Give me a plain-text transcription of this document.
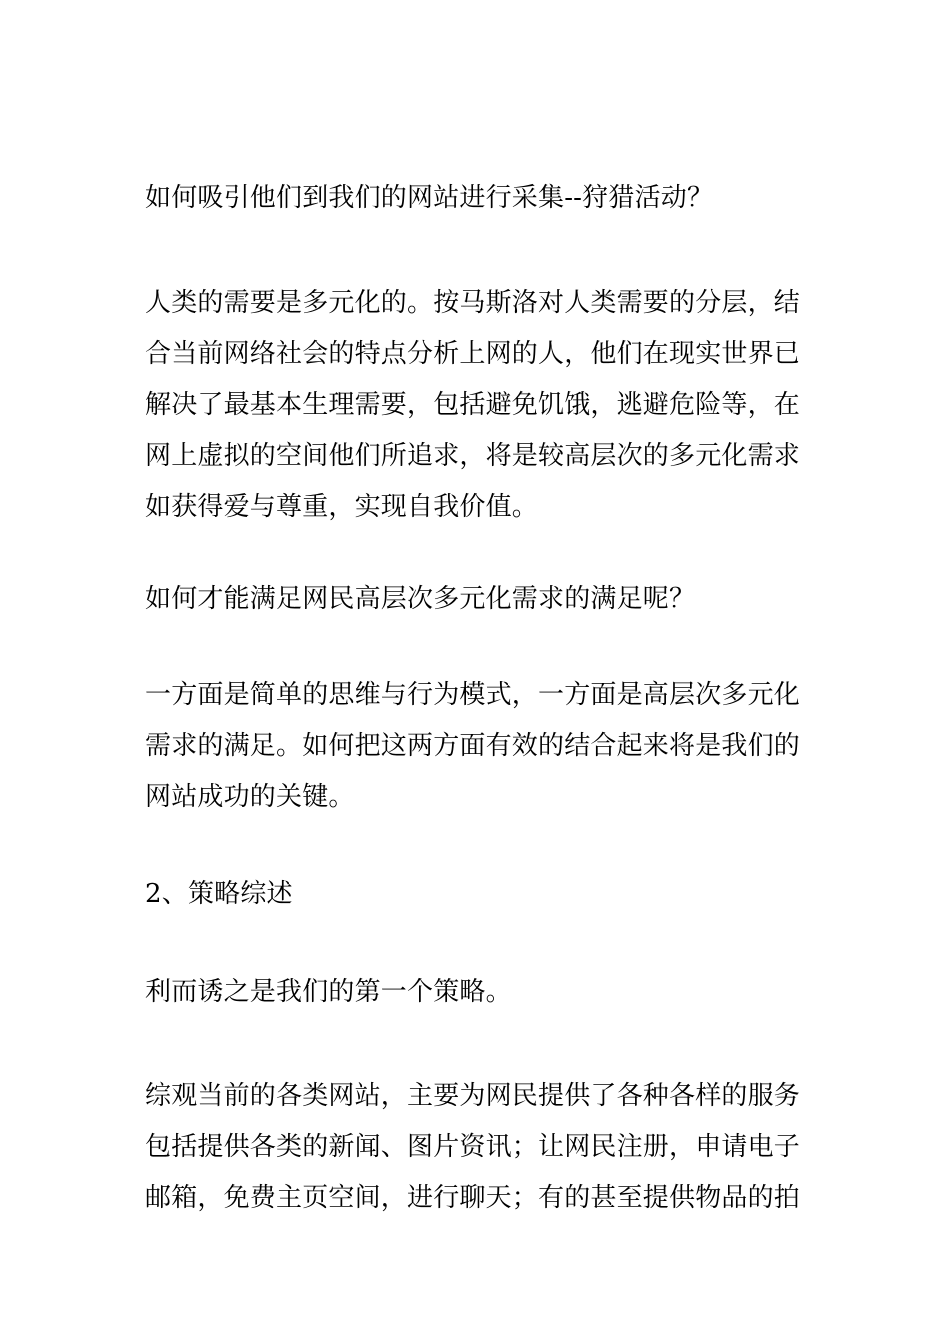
如何吸引他们到我们的网站进行采集--狩猎活动？
人类的需要是多元化的。按马斯洛对人类需要的分层，结
合当前网络社会的特点分析上网的人，他们在现实世界已
解决了最基本生理需要，包括避免饥饿，逃避危险等，在
网上虚拟的空间他们所追求，将是较高层次的多元化需求
如获得爱与尊重，实现自我价值。
如何才能满足网民高层次多元化需求的满足呢？
一方面是简单的思维与行为模式，一方面是高层次多元化
需求的满足。如何把这两方面有效的结合起来将是我们的
网站成功的关键。
2、策略综述
利而诱之是我们的第一个策略。
综观当前的各类网站，主要为网民提供了各种各样的服务
包括提供各类的新闻、图片资讯；让网民注册，申请电子
邮箱，免费主页空间，进行聊天；有的甚至提供物品的拍
